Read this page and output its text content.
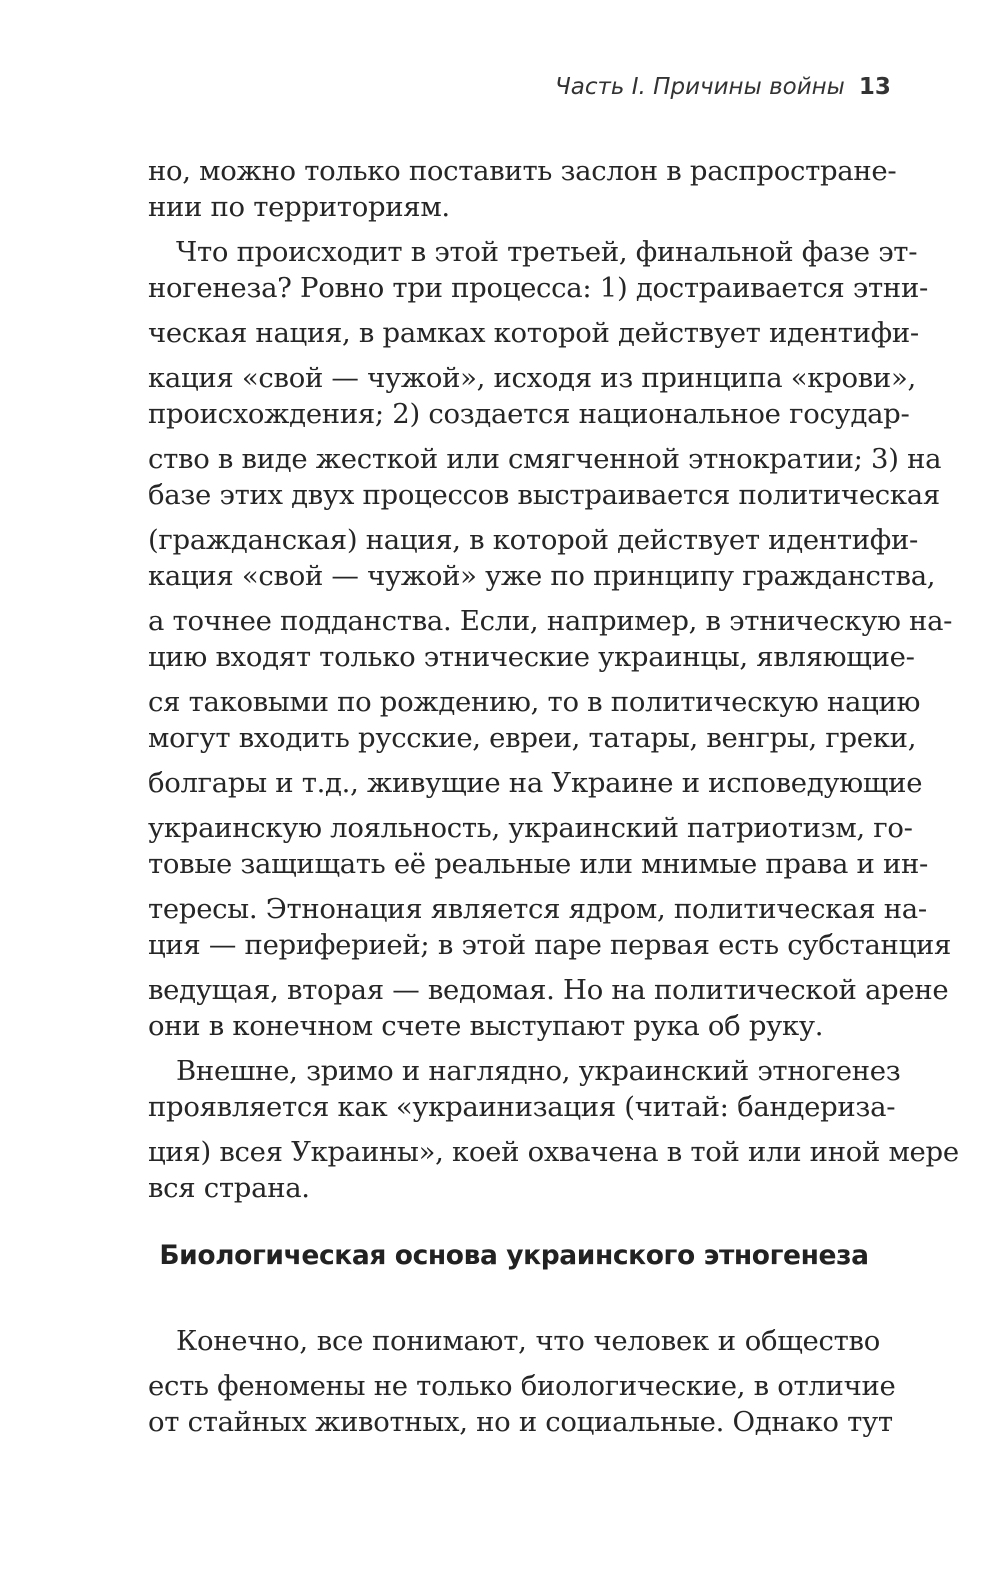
Часть I. Причины войны 13
но, можно только поставить заслон в распростране-
нии по территориям.
Что происходит в этой третьей, финальной фазе эт-
ногенеза? Ровно три процесса: 1) достраивается этни-
ческая нация, в рамках которой действует идентифи-
кация «свой — чужой», исходя из принципа «крови»,
происхождения; 2) создается национальное государ-
ство в виде жесткой или смягченной этнократии; 3) на
базе этих двух процессов выстраивается политическая
(гражданская) нация, в которой действует идентифи-
кация «свой — чужой» уже по принципу гражданства,
а точнее подданства. Если, например, в этническую на-
цию входят только этнические украинцы, являющие-
ся таковыми по рождению, то в политическую нацию
могут входить русские, евреи, татары, венгры, греки,
болгары и т.д., живущие на Украине и исповедующие
украинскую лояльность, украинский патриотизм, го-
товые защищать её реальные или мнимые права и ин-
тересы. Этнонация является ядром, политическая на-
ция — периферией; в этой паре первая есть субстанция
ведущая, вторая — ведомая. Но на политической арене
они в конечном счете выступают рука об руку.
Внешне, зримо и наглядно, украинский этногенез
проявляется как «украинизация (читай: бандериза-
ция) всея Украины», коей охвачена в той или иной мере
вся страна.
Биологическая основа украинского этногенеза
Конечно, все понимают, что человек и общество
есть феномены не только биологические, в отличие
от стайных животных, но и социальные. Однако тут
